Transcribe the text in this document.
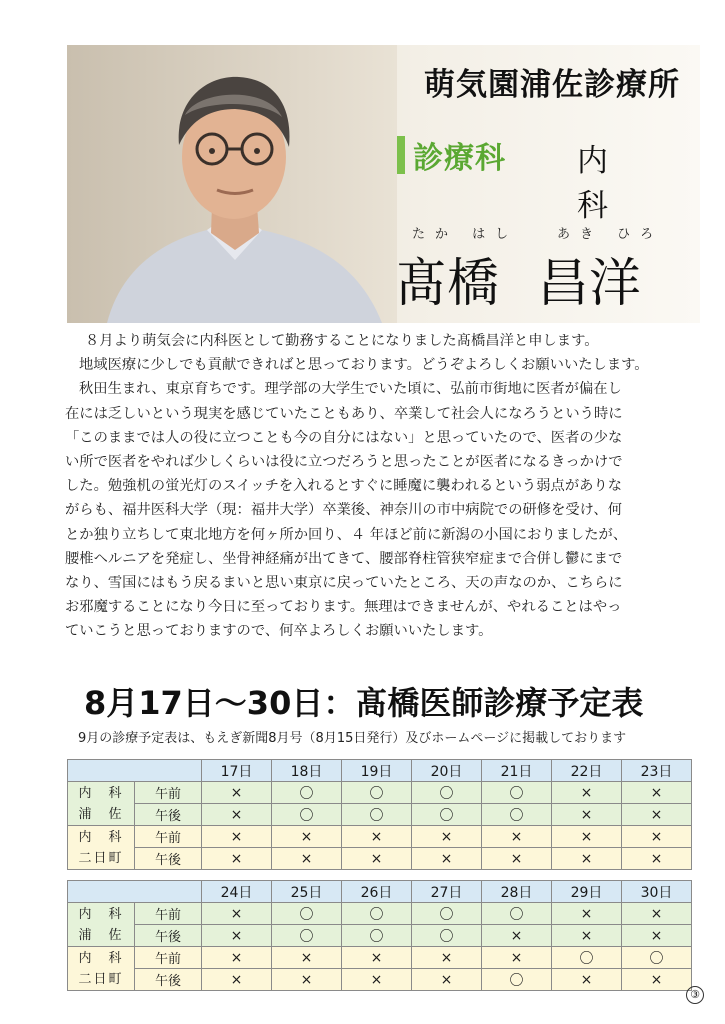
萌気園浦佐診療所
診療科 内 科
たか はし	あき ひろ
髙橋 昌洋

８月より萌気会に内科医として勤務することになりました髙橋昌洋と申します。

地域医療に少しでも貢献できればと思っております。どうぞよろしくお願いいたします。

秋田生まれ、東京育ちです。理学部の大学生でいた頃に、弘前市街地に医者が偏在し

在には乏しいという現実を感じていたこともあり、卒業して社会人になろうという時に

「このままでは人の役に立つことも今の自分にはない」と思っていたので、医者の少な

い所で医者をやれば少しくらいは役に立つだろうと思ったことが医者になるきっかけで

した。勉強机の蛍光灯のスイッチを入れるとすぐに睡魔に襲われるという弱点がありな

がらも、福井医科大学（現：福井大学）卒業後、神奈川の市中病院での研修を受け、何

とか独り立ちして東北地方を何ヶ所か回り、４ 年ほど前に新潟の小国におりましたが、

腰椎ヘルニアを発症し、坐骨神経痛が出てきて、腰部脊柱管狭窄症まで合併し鬱にまで

なり、雪国にはもう戻るまいと思い東京に戻っていたところ、天の声なのか、こちらに

お邪魔することになり今日に至っております。無理はできませんが、やれることはやっ

ていこうと思っておりますので、何卒よろしくお願いいたします。

8月17日～30日：髙橋医師診療予定表
9月の診療予定表は、もえぎ新聞8月号（8月15日発行）及びホームページに掲載しております
		17日	18日	19日	20日	21日	22日	23日
内　科
浦　佐	午前	×	〇	〇	〇	〇	×	×
	午後	×	〇	〇	〇	〇	×	×
内　科
二日町	午前	×	×	×	×	×	×	×
	午後	×	×	×	×	×	×	×
		24日	25日	26日	27日	28日	29日	30日
内　科
浦　佐	午前	×	〇	〇	〇	〇	×	×
	午後	×	〇	〇	〇	×	×	×
内　科
二日町	午前	×	×	×	×	×	〇	〇
	午後	×	×	×	×	〇	×	×
③
